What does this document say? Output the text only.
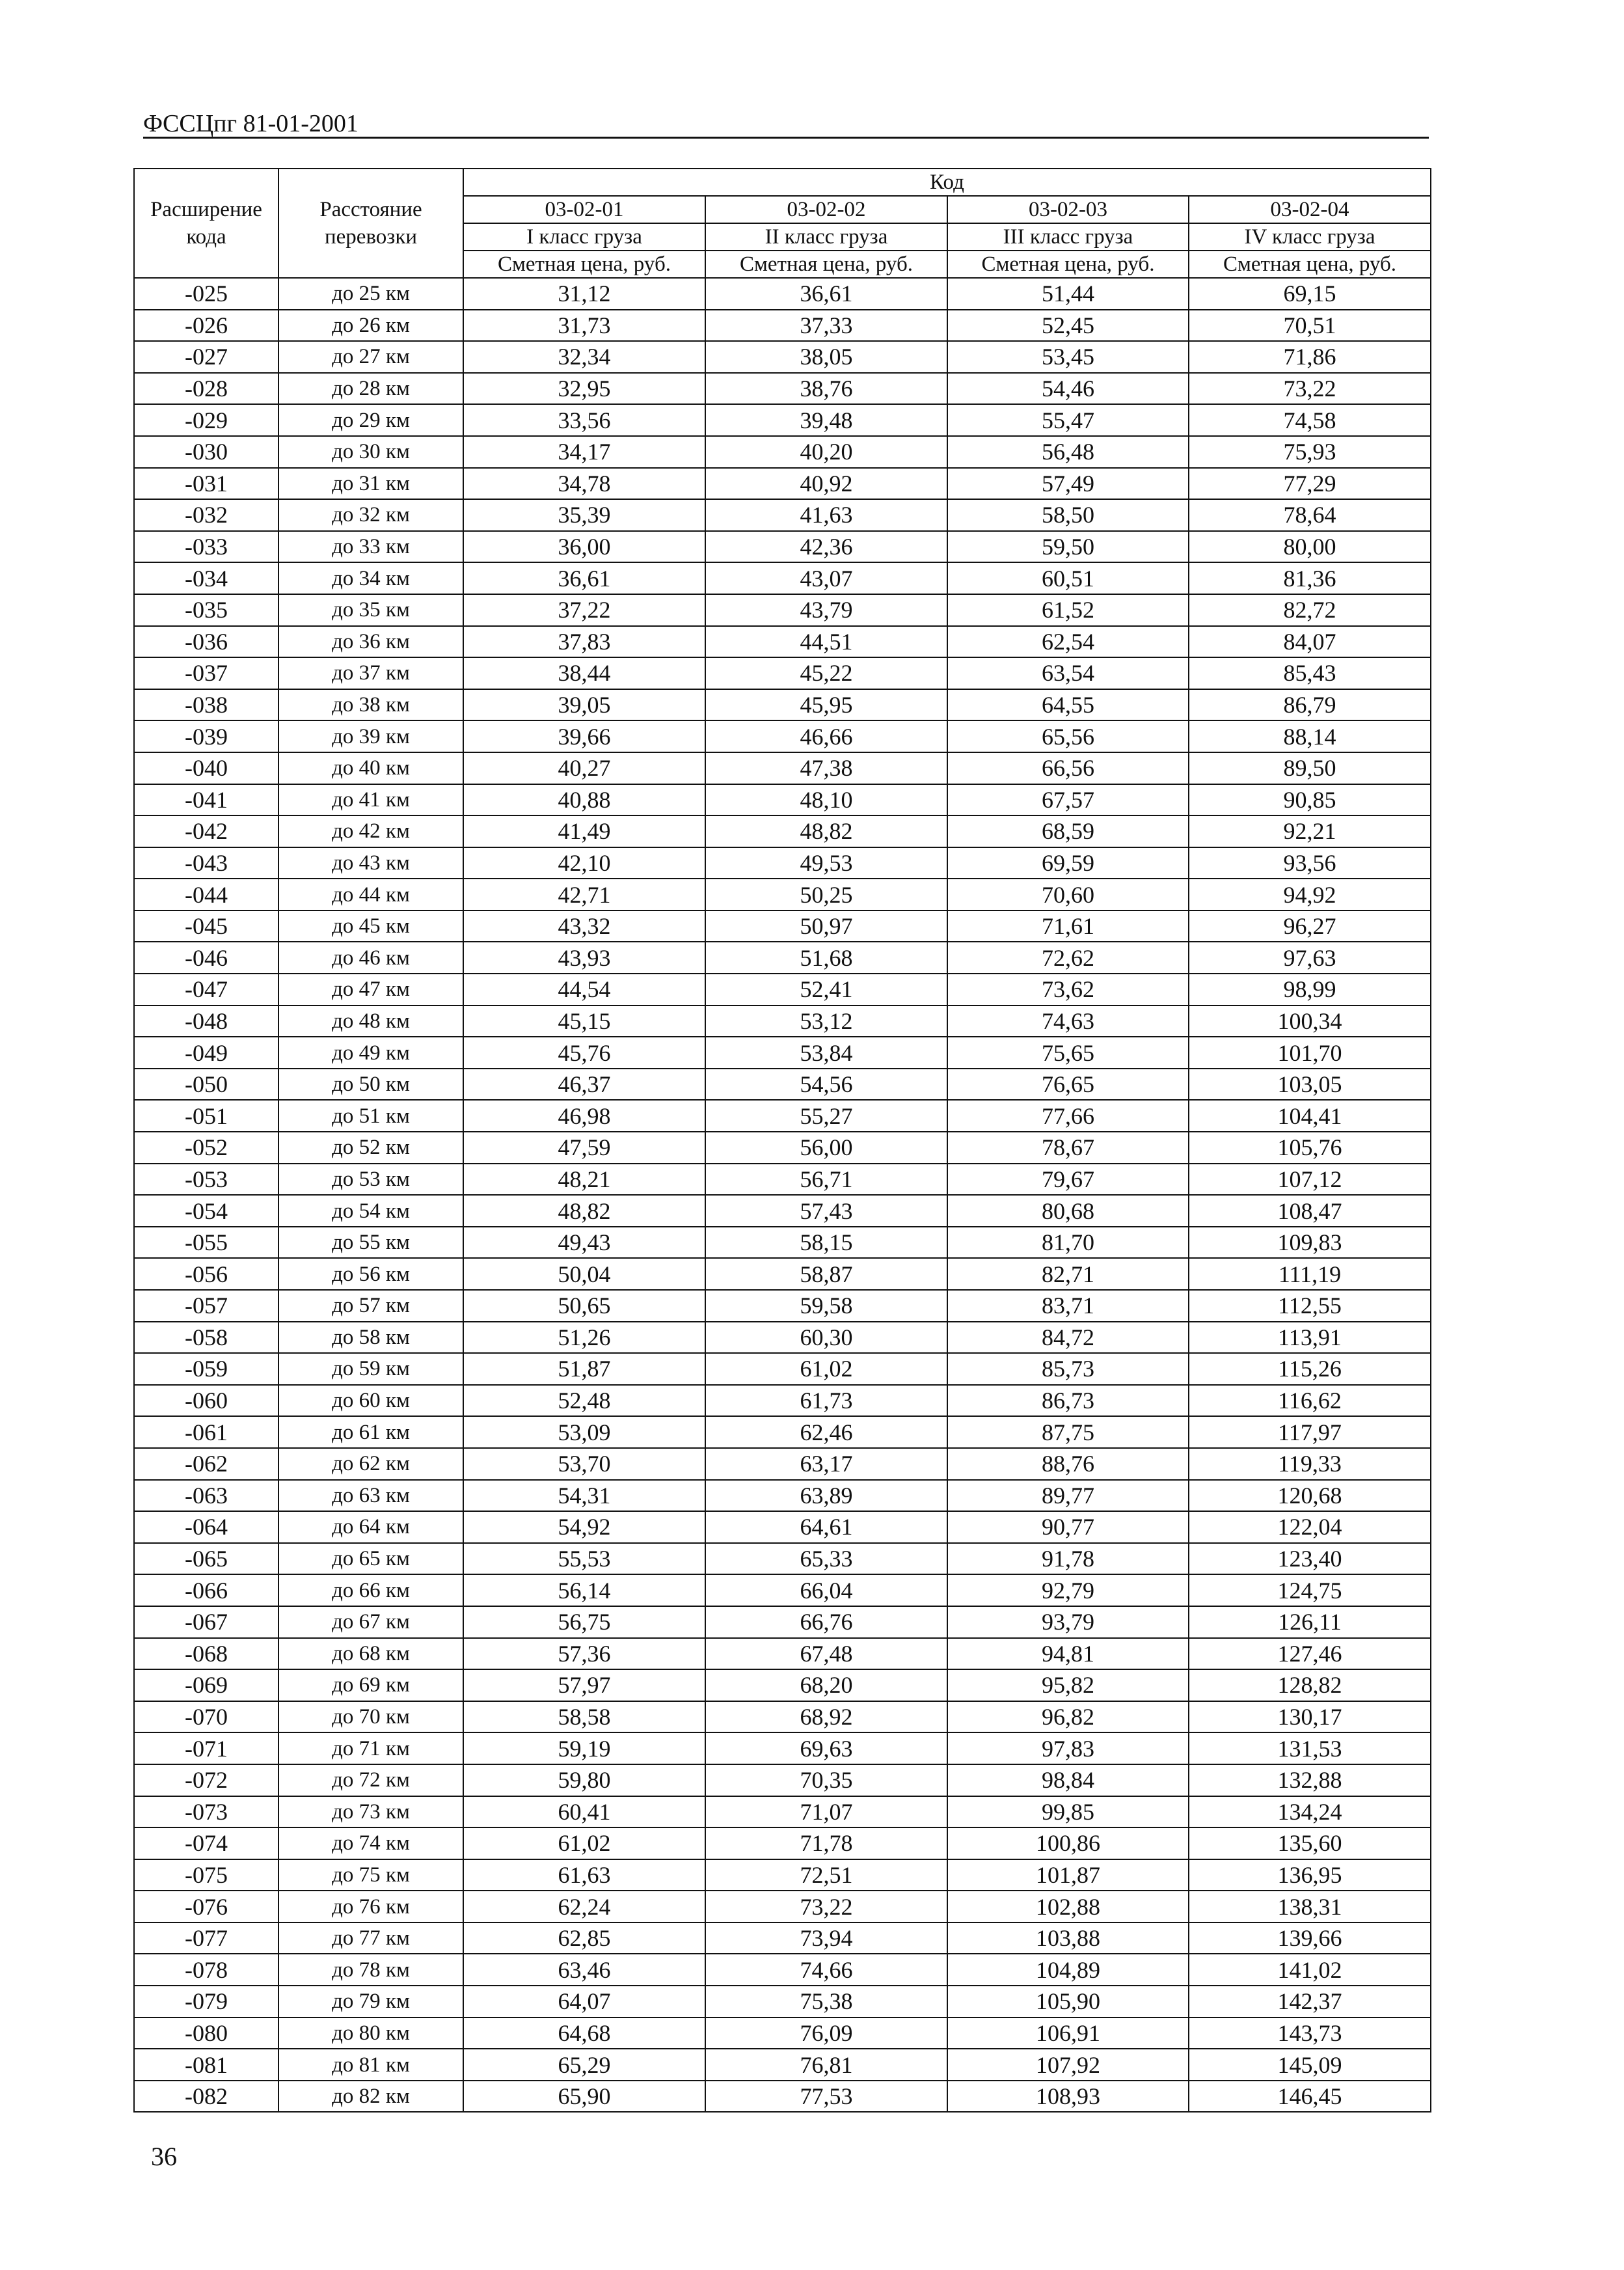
ФССЦпг 81-01-2001
Расширение кода	Расстояние перевозки	Код			
		03-02-01	03-02-02	03-02-03	03-02-04
		I класс груза	II класс груза	III класс груза	IV класс груза
		Сметная цена, руб.	Сметная цена, руб.	Сметная цена, руб.	Сметная цена, руб.
-025	до 25 км	31,12	36,61	51,44	69,15
-026	до 26 км	31,73	37,33	52,45	70,51
-027	до 27 км	32,34	38,05	53,45	71,86
-028	до 28 км	32,95	38,76	54,46	73,22
-029	до 29 км	33,56	39,48	55,47	74,58
-030	до 30 км	34,17	40,20	56,48	75,93
-031	до 31 км	34,78	40,92	57,49	77,29
-032	до 32 км	35,39	41,63	58,50	78,64
-033	до 33 км	36,00	42,36	59,50	80,00
-034	до 34 км	36,61	43,07	60,51	81,36
-035	до 35 км	37,22	43,79	61,52	82,72
-036	до 36 км	37,83	44,51	62,54	84,07
-037	до 37 км	38,44	45,22	63,54	85,43
-038	до 38 км	39,05	45,95	64,55	86,79
-039	до 39 км	39,66	46,66	65,56	88,14
-040	до 40 км	40,27	47,38	66,56	89,50
-041	до 41 км	40,88	48,10	67,57	90,85
-042	до 42 км	41,49	48,82	68,59	92,21
-043	до 43 км	42,10	49,53	69,59	93,56
-044	до 44 км	42,71	50,25	70,60	94,92
-045	до 45 км	43,32	50,97	71,61	96,27
-046	до 46 км	43,93	51,68	72,62	97,63
-047	до 47 км	44,54	52,41	73,62	98,99
-048	до 48 км	45,15	53,12	74,63	100,34
-049	до 49 км	45,76	53,84	75,65	101,70
-050	до 50 км	46,37	54,56	76,65	103,05
-051	до 51 км	46,98	55,27	77,66	104,41
-052	до 52 км	47,59	56,00	78,67	105,76
-053	до 53 км	48,21	56,71	79,67	107,12
-054	до 54 км	48,82	57,43	80,68	108,47
-055	до 55 км	49,43	58,15	81,70	109,83
-056	до 56 км	50,04	58,87	82,71	111,19
-057	до 57 км	50,65	59,58	83,71	112,55
-058	до 58 км	51,26	60,30	84,72	113,91
-059	до 59 км	51,87	61,02	85,73	115,26
-060	до 60 км	52,48	61,73	86,73	116,62
-061	до 61 км	53,09	62,46	87,75	117,97
-062	до 62 км	53,70	63,17	88,76	119,33
-063	до 63 км	54,31	63,89	89,77	120,68
-064	до 64 км	54,92	64,61	90,77	122,04
-065	до 65 км	55,53	65,33	91,78	123,40
-066	до 66 км	56,14	66,04	92,79	124,75
-067	до 67 км	56,75	66,76	93,79	126,11
-068	до 68 км	57,36	67,48	94,81	127,46
-069	до 69 км	57,97	68,20	95,82	128,82
-070	до 70 км	58,58	68,92	96,82	130,17
-071	до 71 км	59,19	69,63	97,83	131,53
-072	до 72 км	59,80	70,35	98,84	132,88
-073	до 73 км	60,41	71,07	99,85	134,24
-074	до 74 км	61,02	71,78	100,86	135,60
-075	до 75 км	61,63	72,51	101,87	136,95
-076	до 76 км	62,24	73,22	102,88	138,31
-077	до 77 км	62,85	73,94	103,88	139,66
-078	до 78 км	63,46	74,66	104,89	141,02
-079	до 79 км	64,07	75,38	105,90	142,37
-080	до 80 км	64,68	76,09	106,91	143,73
-081	до 81 км	65,29	76,81	107,92	145,09
-082	до 82 км	65,90	77,53	108,93	146,45
36
